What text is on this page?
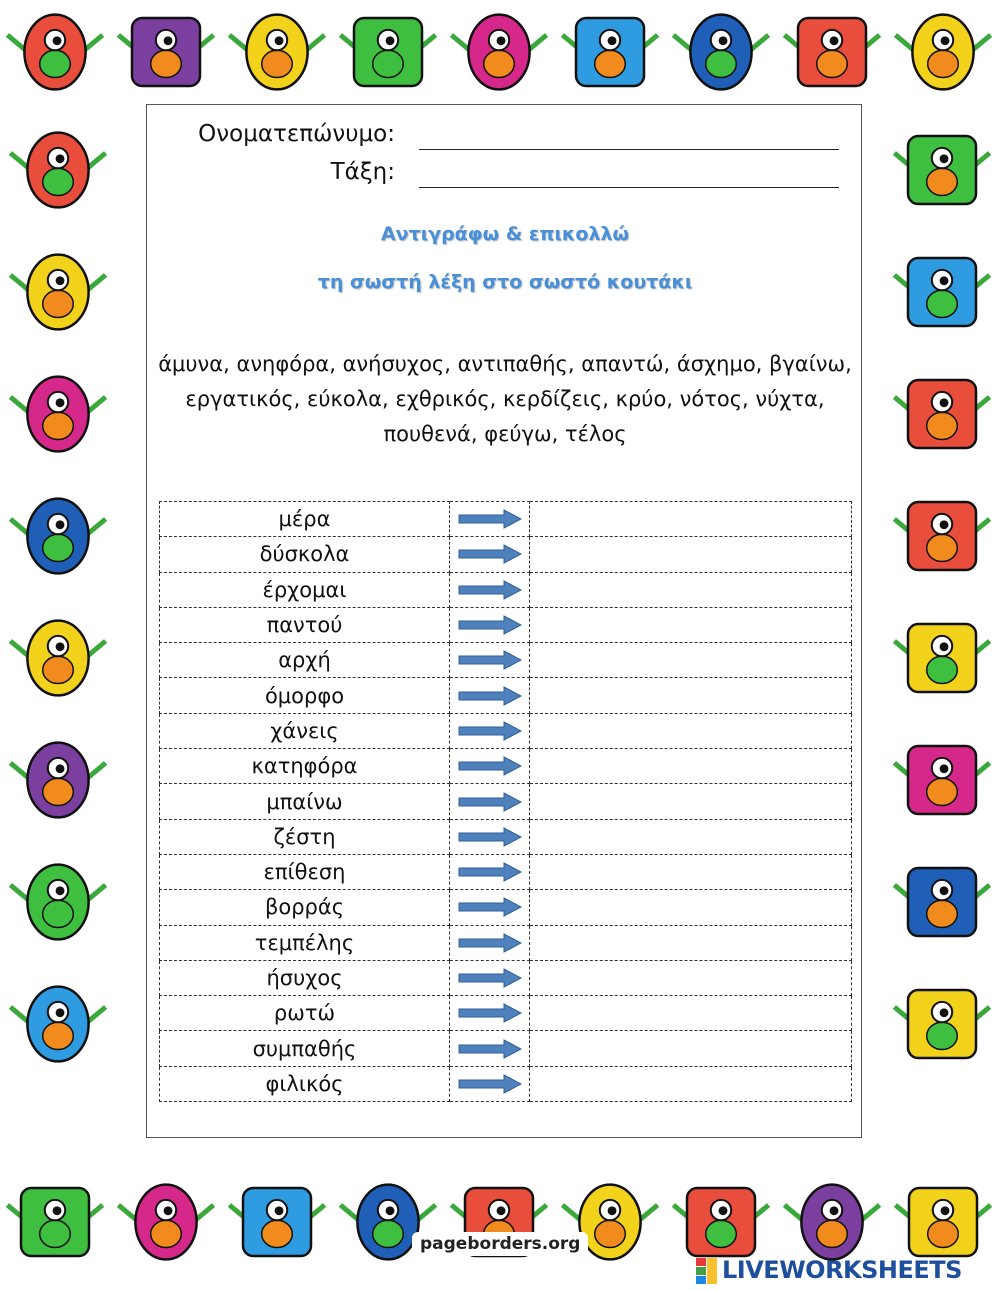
Ονοματεπώνυμο:
Τάξη:
Αντιγράφω & επικολλώ
τη σωστή λέξη στο σωστό κουτάκι
άμυνα, ανηφόρα, ανήσυχος, αντιπαθής, απαντώ, άσχημο, βγαίνω, εργατικός, εύκολα, εχθρικός, κερδίζεις, κρύο, νότος, νύχτα, πουθενά, φεύγω, τέλος
μέρα	

δύσκολα	

έρχομαι	

παντού	

αρχή	

όμορφο	

χάνεις	

κατηφόρα	

μπαίνω	

ζέστη	

επίθεση	

βορράς	

τεμπέλης	

ήσυχος	

ρωτώ	

συμπαθής	

φιλικός	

pageborders.org
LIVEWORKSHEETS
